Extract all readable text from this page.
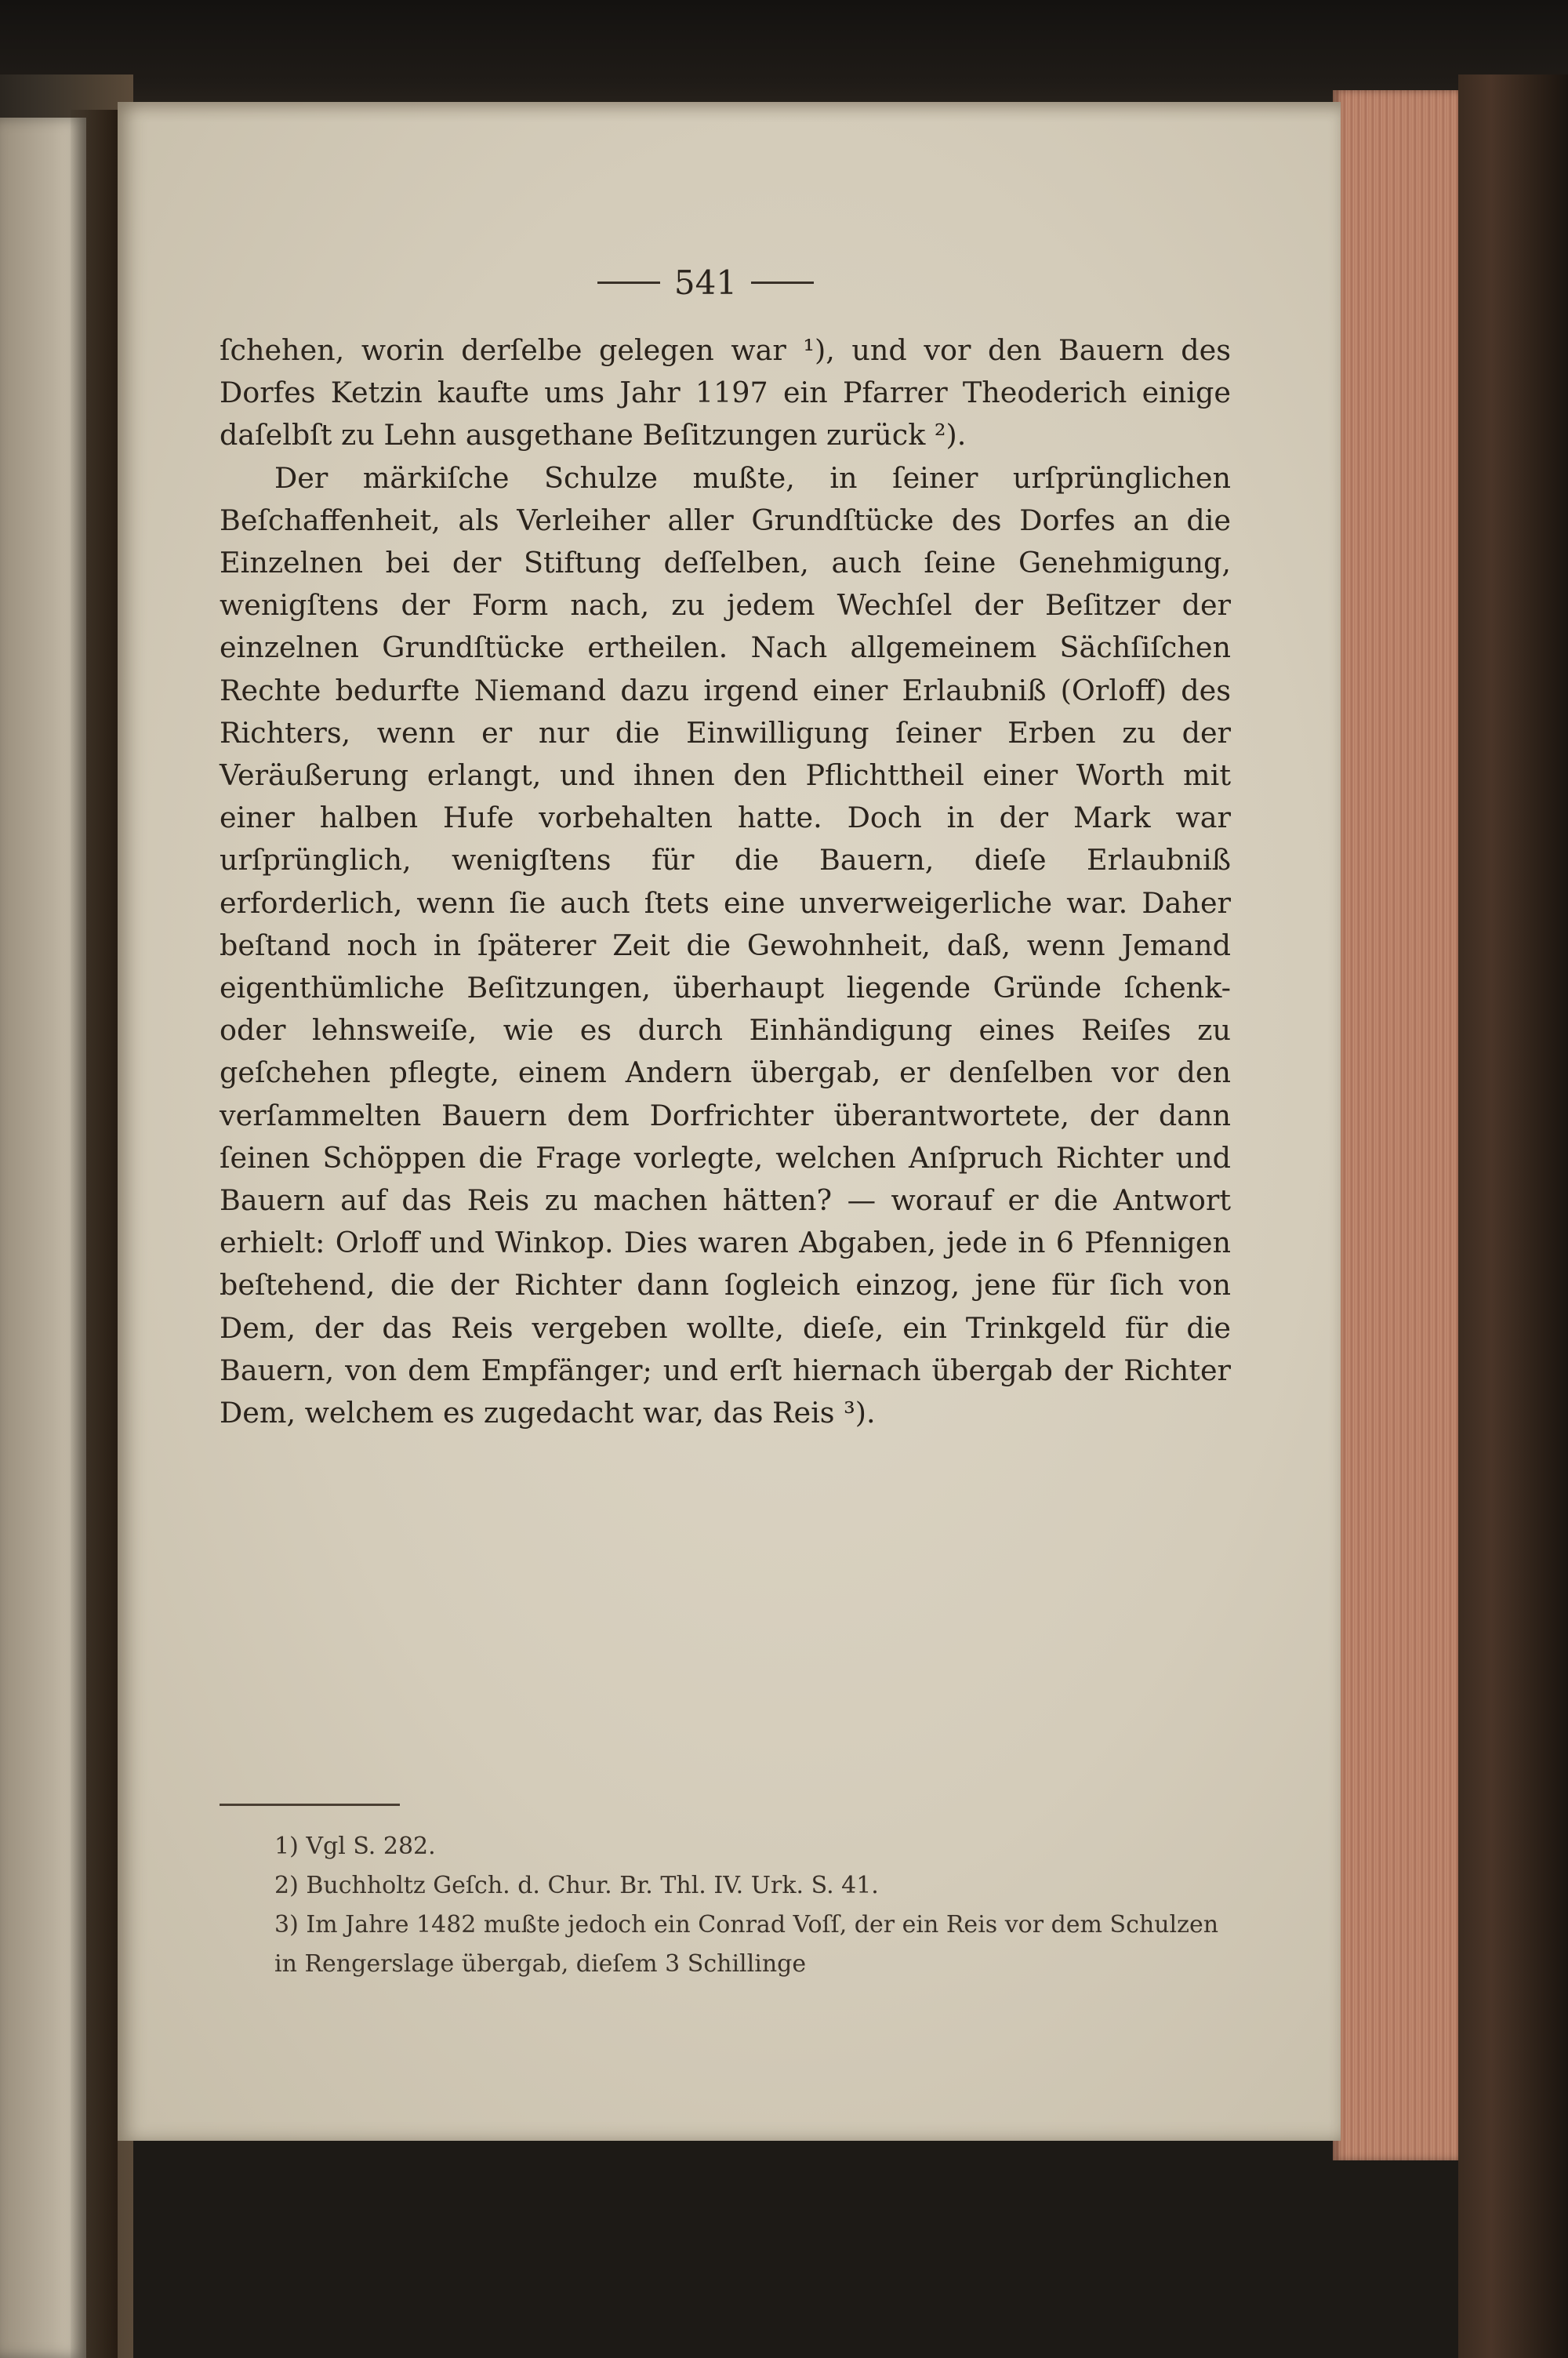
541

ſchehen, worin derſelbe gelegen war ¹), und vor den Bauern des Dorfes Ketzin kaufte ums Jahr 1197 ein Pfarrer Theoderich einige daſelbſt zu Lehn ausgethane Beſitzungen zurück ²).

Der märkiſche Schulze mußte, in ſeiner urſprünglichen Beſchaffenheit, als Verleiher aller Grundſtücke des Dorfes an die Einzelnen bei der Stiftung deſſelben, auch ſeine Genehmigung, wenigſtens der Form nach, zu jedem Wechſel der Beſitzer der einzelnen Grundſtücke ertheilen. Nach allgemeinem Sächſiſchen Rechte bedurfte Niemand dazu irgend einer Erlaubniß (Orloff) des Richters, wenn er nur die Einwilligung ſeiner Erben zu der Veräußerung erlangt, und ihnen den Pflichttheil einer Worth mit einer halben Hufe vorbehalten hatte. Doch in der Mark war urſprünglich, wenigſtens für die Bauern, dieſe Erlaubniß erforderlich, wenn ſie auch ſtets eine unverweigerliche war. Daher beſtand noch in ſpäterer Zeit die Gewohnheit, daß, wenn Jemand eigenthümliche Beſitzungen, überhaupt liegende Gründe ſchenk- oder lehnsweiſe, wie es durch Einhändigung eines Reiſes zu geſchehen pflegte, einem Andern übergab, er denſelben vor den verſammelten Bauern dem Dorfrichter überantwortete, der dann ſeinen Schöppen die Frage vorlegte, welchen Anſpruch Richter und Bauern auf das Reis zu machen hätten? — worauf er die Antwort erhielt: Orloff und Winkop. Dies waren Abgaben, jede in 6 Pfennigen beſtehend, die der Richter dann ſogleich einzog, jene für ſich von Dem, der das Reis vergeben wollte, dieſe, ein Trinkgeld für die Bauern, von dem Empfänger; und erſt hiernach übergab der Richter Dem, welchem es zugedacht war, das Reis ³).

1) Vgl S. 282.
2) Buchholtz Geſch. d. Chur. Br. Thl. IV. Urk. S. 41.
3) Im Jahre 1482 mußte jedoch ein Conrad Voſſ, der ein Reis vor dem Schulzen in Rengerslage übergab, dieſem 3 Schillinge
